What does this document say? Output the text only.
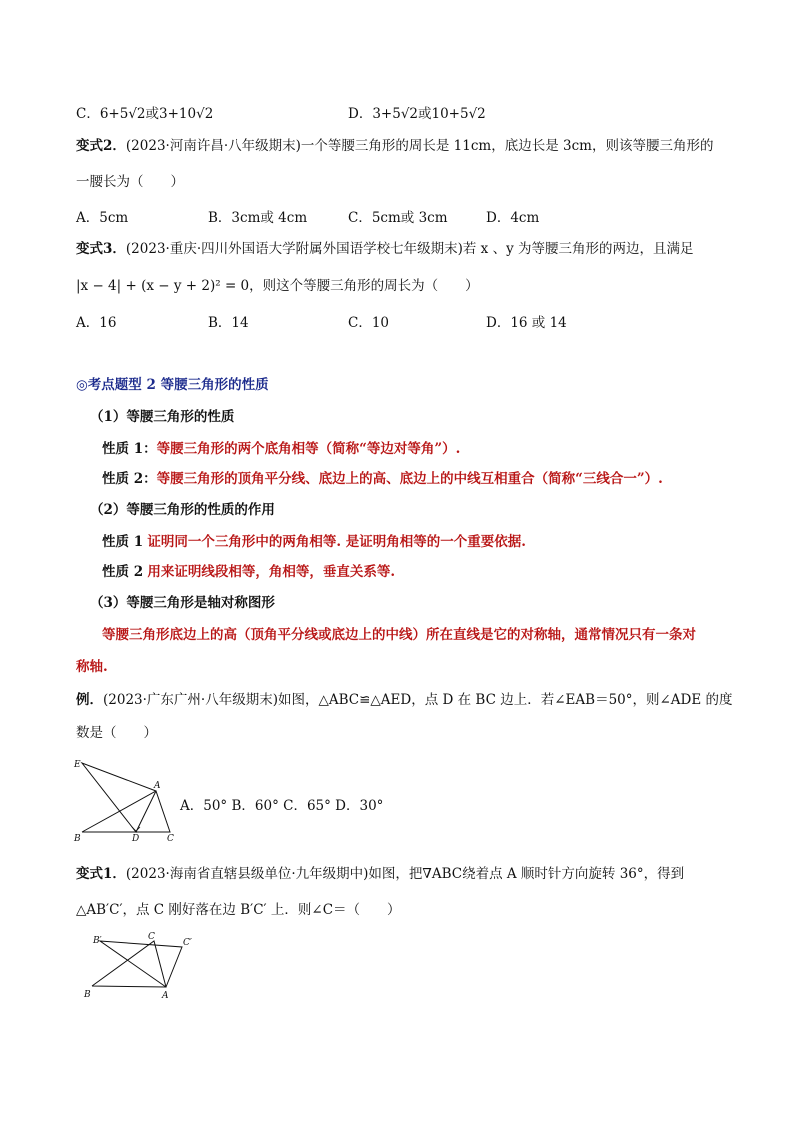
C．6+5√2或3+10√2	D．3+5√2或10+5√2
变式2．(2023·河南许昌·八年级期末)一个等腰三角形的周长是 11cm，底边长是 3cm，则该等腰三角形的
一腰长为（　　）
A．5cm	B．3cm或 4cm	C．5cm或 3cm	D．4cm
变式3．(2023·重庆·四川外国语大学附属外国语学校七年级期末)若 x 、y 为等腰三角形的两边，且满足
|x − 4| + (x − y + 2)² = 0，则这个等腰三角形的周长为（　　）
A．16	B．14	C．10	D．16 或 14
◎考点题型 2 等腰三角形的性质
（1）等腰三角形的性质
性质 1：等腰三角形的两个底角相等（简称“等边对等角”）.
性质 2：等腰三角形的顶角平分线、底边上的高、底边上的中线互相重合（简称“三线合一”）.
（2）等腰三角形的性质的作用
性质 1 证明同一个三角形中的两角相等. 是证明角相等的一个重要依据.
性质 2 用来证明线段相等，角相等，垂直关系等.
（3）等腰三角形是轴对称图形
等腰三角形底边上的高（顶角平分线或底边上的中线）所在直线是它的对称轴，通常情况只有一条对
称轴.
例．(2023·广东广州·八年级期末)如图，△ABC≌△AED，点 D 在 BC 边上．若∠EAB＝50°，则∠ADE 的度
数是（　　）
E
A
B	D	C
A．50° B．60° C．65° D．30°
变式1．(2023·海南省直辖县级单位·九年级期中)如图，把∇ABC绕着点 A 顺时针方向旋转 36°，得到
△AB′C′，点 C 刚好落在边 B′C′ 上．则∠C＝（　　）
B′	C
C′
B	A
